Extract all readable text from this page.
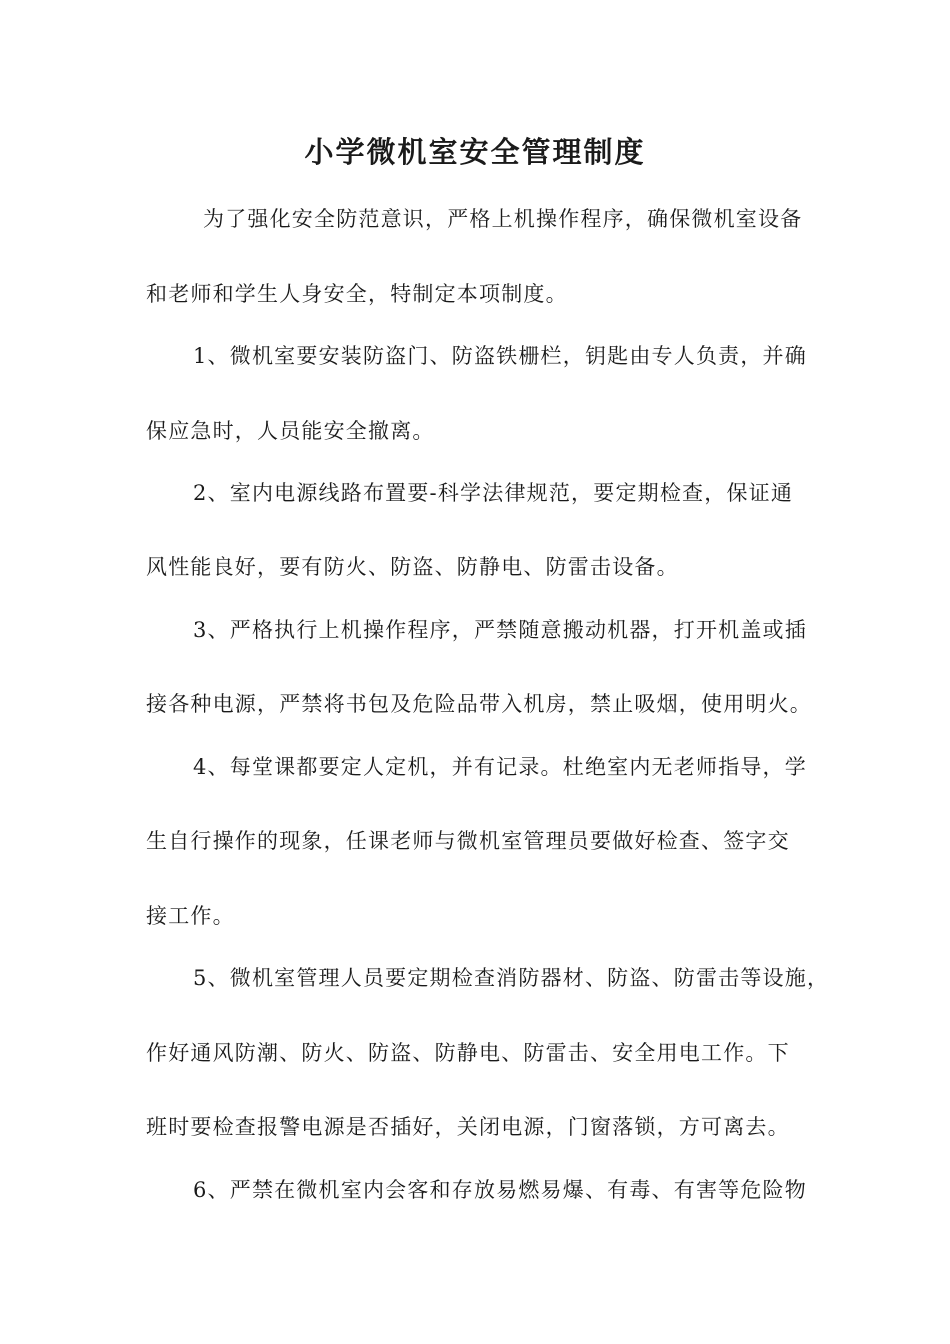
小学微机室安全管理制度
为了强化安全防范意识，严格上机操作程序，确保微机室设备
和老师和学生人身安全，特制定本项制度。
1、微机室要安装防盗门、防盗铁栅栏，钥匙由专人负责，并确
保应急时，人员能安全撤离。
2、室内电源线路布置要-科学法律规范，要定期检查，保证通
风性能良好，要有防火、防盗、防静电、防雷击设备。
3、严格执行上机操作程序，严禁随意搬动机器，打开机盖或插
接各种电源，严禁将书包及危险品带入机房，禁止吸烟，使用明火。
4、每堂课都要定人定机，并有记录。杜绝室内无老师指导，学
生自行操作的现象，任课老师与微机室管理员要做好检查、签字交
接工作。
5、微机室管理人员要定期检查消防器材、防盗、防雷击等设施，
作好通风防潮、防火、防盗、防静电、防雷击、安全用电工作。下
班时要检查报警电源是否插好，关闭电源，门窗落锁，方可离去。
6、严禁在微机室内会客和存放易燃易爆、有毒、有害等危险物
